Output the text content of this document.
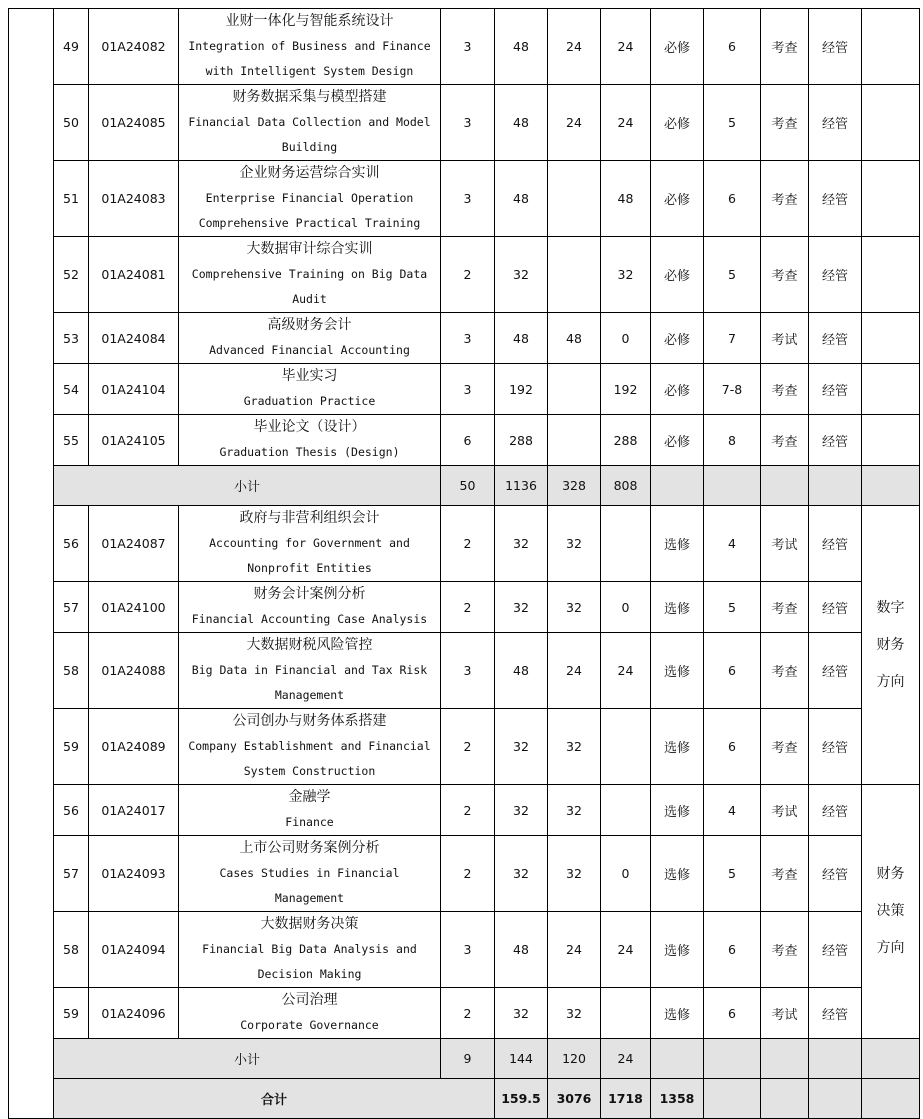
	49	01A24082	业财一体化与智能系统设计
Integration of Business and Finance with Intelligent System Design	3	48	24	24	必修	6	考查	经管		
	50	01A24085	财务数据采集与模型搭建
Financial Data Collection and Model Building	3	48	24	24	必修	5	考查	经管		
	51	01A24083	企业财务运营综合实训
Enterprise Financial Operation Comprehensive Practical Training	3	48		48	必修	6	考查	经管		
	52	01A24081	大数据审计综合实训
Comprehensive Training on Big Data Audit	2	32		32	必修	5	考查	经管		
	53	01A24084	高级财务会计
Advanced Financial Accounting	3	48	48	0	必修	7	考试	经管		
	54	01A24104	毕业实习
Graduation Practice	3	192		192	必修	7-8	考查	经管		
	55	01A24105	毕业论文（设计）
Graduation Thesis (Design)	6	288		288	必修	8	考查	经管		
	小计			50	1136	328	808						
	56	01A24087	政府与非营利组织会计
Accounting for Government and Nonprofit Entities	2	32	32		选修	4	考试	经管	数字
财务
方向	

	57	01A24100	财务会计案例分析
Financial Accounting Case Analysis	2	32	32	0	选修	5	考查	经管		
	58	01A24088	大数据财税风险管控
Big Data in Financial and Tax Risk Management	3	48	24	24	选修	6	考查	经管		
	59	01A24089	公司创办与财务体系搭建
Company Establishment and Financial System Construction	2	32	32		选修	6	考查	经管		
	56	01A24017	金融学
Finance	2	32	32		选修	4	考试	经管	财务
决策
方向	

	57	01A24093	上市公司财务案例分析
Cases Studies in Financial Management	2	32	32	0	选修	5	考查	经管		
	58	01A24094	大数据财务决策
Financial Big Data Analysis and Decision Making	3	48	24	24	选修	6	考查	经管		
	59	01A24096	公司治理
Corporate Governance	2	32	32		选修	6	考试	经管		
	小计			9	144	120	24						
	合计				159.5	3076	1718	1358					
